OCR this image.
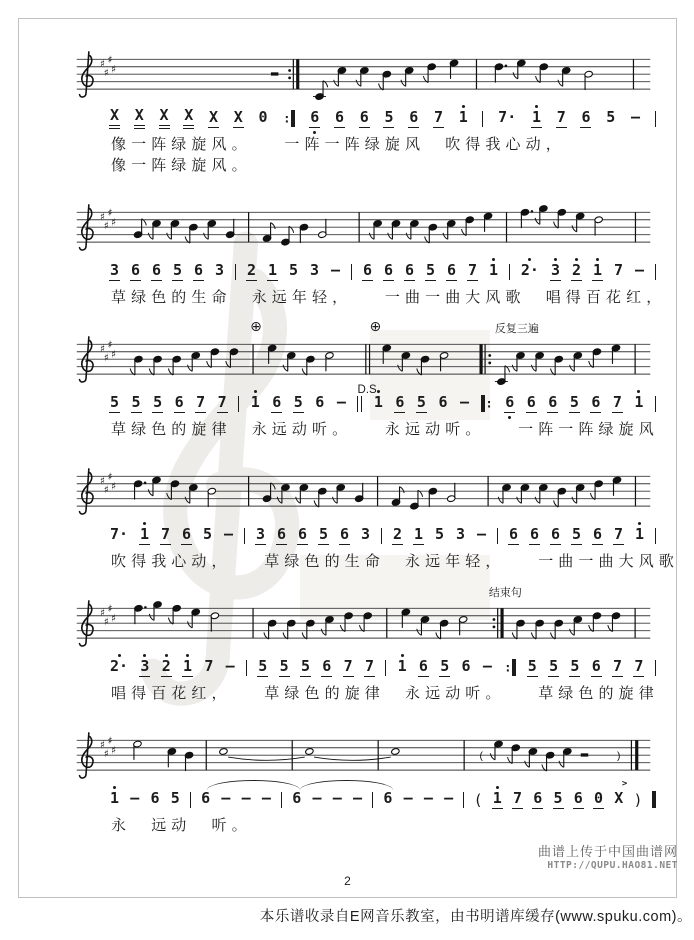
♯
♯
♯
♯
X X X X X X 0 ∶ 6 6 6 5 6 7 1 7· 1 7 6 5 –
像一阵绿旋风。　　一阵一阵绿旋风　吹得我心动，
像一阵绿旋风。
♯
♯
♯
♯
3 6 6 5 6 3 2 1 5 3 – 6 6 6 5 6 7 1 2· 3 2 1 7 –
草绿色的生命　永远年轻，　　一曲一曲大风歌　唱得百花红，
⊕	⊕	反复三遍
♯
♯
♯
♯
D.S.
5 5 5 6 7 7 1 6 5 6 – 1 6 5 6 – ∶ 6 6 6 5 6 7 1
草绿色的旋律　永远动听。　　永远动听。　　一阵一阵绿旋风
♯
♯
♯
♯
7· 1 7 6 5 – 3 6 6 5 6 3 2 1 5 3 – 6 6 6 5 6 7 1
吹得我心动，　　草绿色的生命　永远年轻，　　一曲一曲大风歌
结束句
♯
♯
♯
♯
2· 3 2 1 7 – 5 5 5 6 7 7 1 6 5 6 – ∶ 5 5 5 6 7 7
唱得百花红，　　草绿色的旋律　永远动听。　　草绿色的旋律
♯
♯
♯
♯
(	)
1 – 6 5 6 – – – 6 – – – 6 – – – ( 1 7 6 5 6 0 X
>
)
永　远动　听。
2
曲谱上传于中国曲谱网
HTTP://QUPU.HAO81.NET
本乐谱收录自E网音乐教室，由书明谱库缓存(www.spuku.com)。
